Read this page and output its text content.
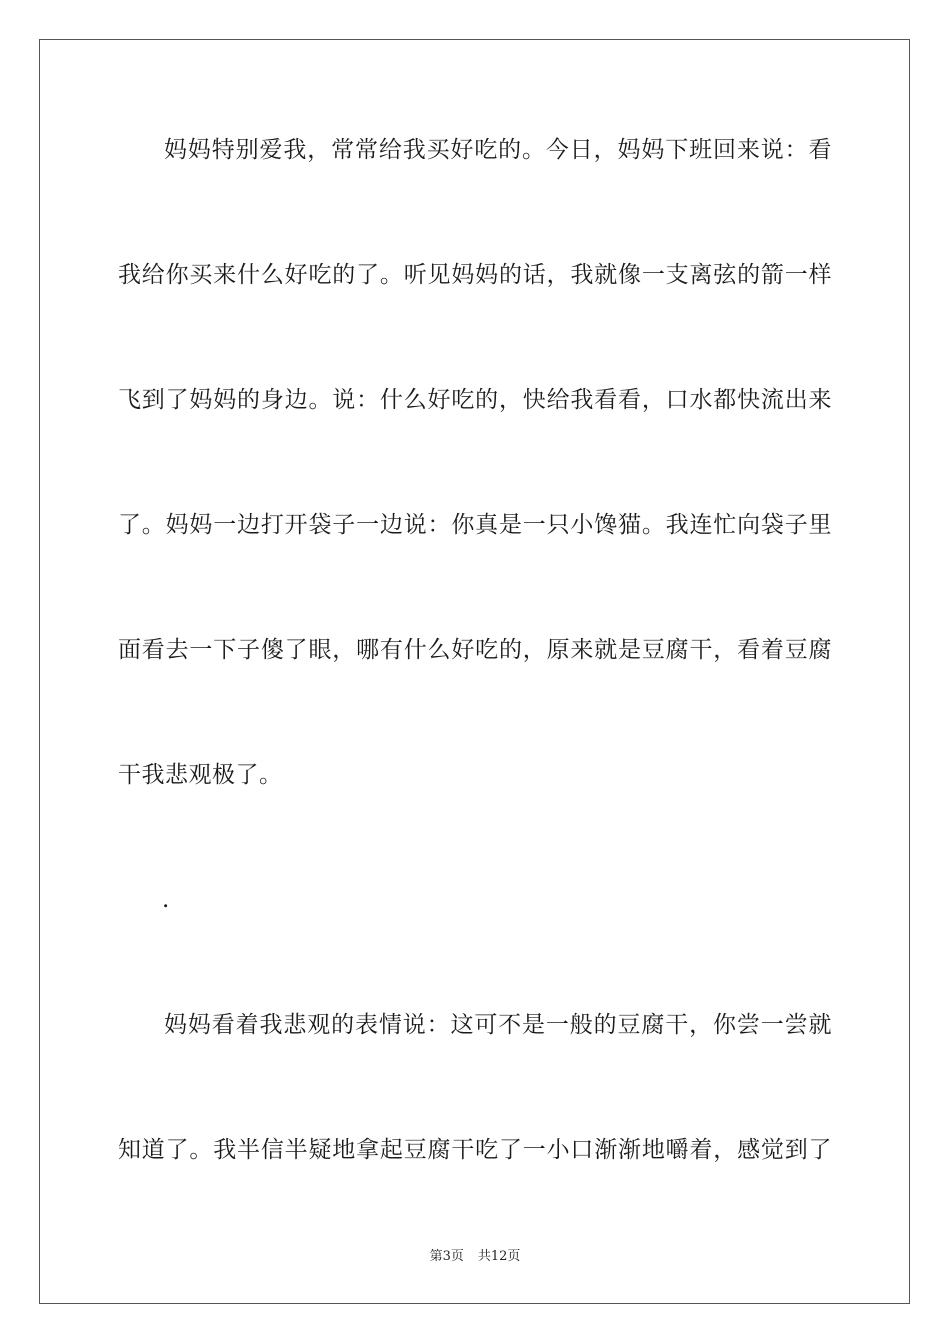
妈妈特别爱我，常常给我买好吃的。今日，妈妈下班回来说：看
我给你买来什么好吃的了。听见妈妈的话，我就像一支离弦的箭一样
飞到了妈妈的身边。说：什么好吃的，快给我看看，口水都快流出来
了。妈妈一边打开袋子一边说：你真是一只小馋猫。我连忙向袋子里
面看去一下子傻了眼，哪有什么好吃的，原来就是豆腐干，看着豆腐
干我悲观极了。
.
妈妈看着我悲观的表情说：这可不是一般的豆腐干，你尝一尝就
知道了。我半信半疑地拿起豆腐干吃了一小口渐渐地嚼着，感觉到了
第3页 共12页
